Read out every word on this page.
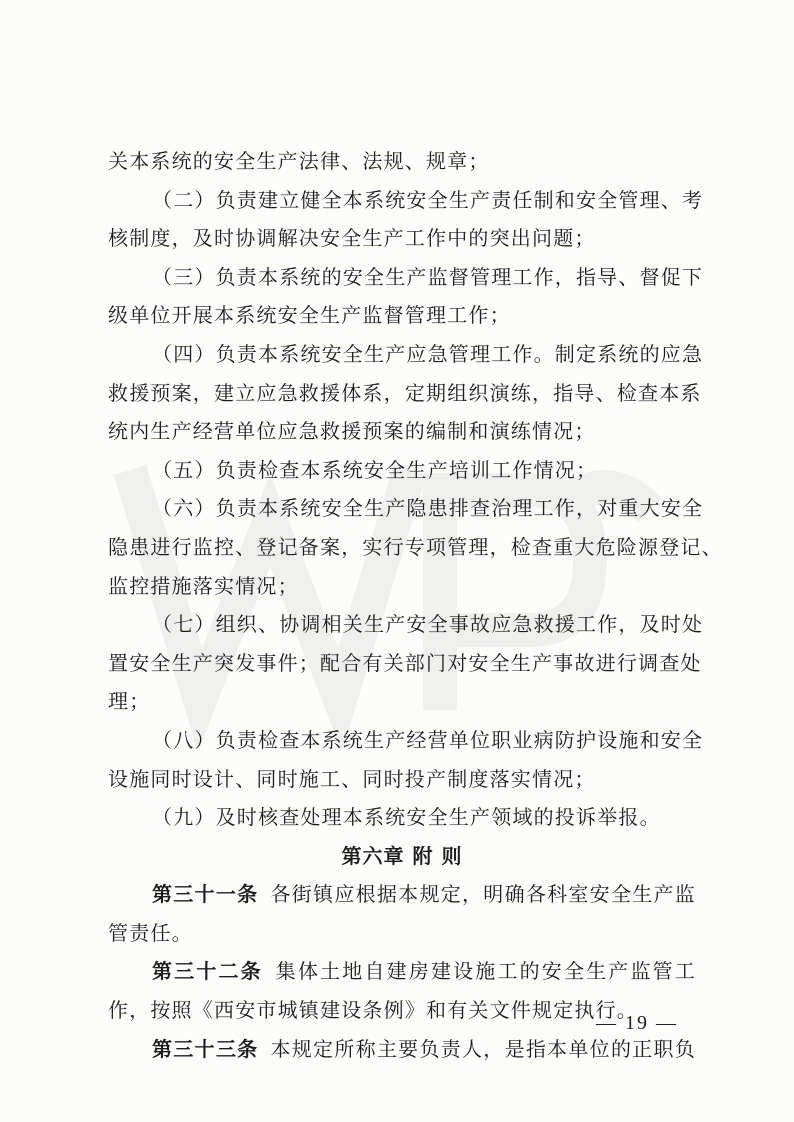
关本系统的安全生产法律、法规、规章；
（二）负责建立健全本系统安全生产责任制和安全管理、考
核制度，及时协调解决安全生产工作中的突出问题；
（三）负责本系统的安全生产监督管理工作，指导、督促下
级单位开展本系统安全生产监督管理工作；
（四）负责本系统安全生产应急管理工作。制定系统的应急
救援预案，建立应急救援体系，定期组织演练，指导、检查本系
统内生产经营单位应急救援预案的编制和演练情况；
（五）负责检查本系统安全生产培训工作情况；
（六）负责本系统安全生产隐患排查治理工作，对重大安全
隐患进行监控、登记备案，实行专项管理，检查重大危险源登记、
监控措施落实情况；
（七）组织、协调相关生产安全事故应急救援工作，及时处
置安全生产突发事件；配合有关部门对安全生产事故进行调查处
理；
（八）负责检查本系统生产经营单位职业病防护设施和安全
设施同时设计、同时施工、同时投产制度落实情况；
（九）及时核查处理本系统安全生产领域的投诉举报。
第六章 附 则
第三十一条 各街镇应根据本规定，明确各科室安全生产监
管责任。
第三十二条 集体土地自建房建设施工的安全生产监管工
作，按照《西安市城镇建设条例》和有关文件规定执行。
第三十三条 本规定所称主要负责人，是指本单位的正职负
— 19 —
